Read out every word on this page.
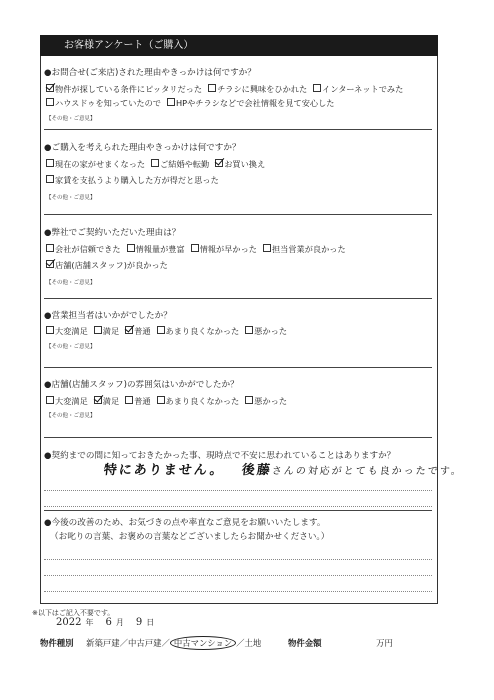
お客様アンケート（ご購入）
●お問合せ(ご来店)された理由やきっかけは何ですか？
物件が探している条件にピッタリだった チラシに興味をひかれた インターネットでみた
ハウスドゥを知っていたので HPやチラシなどで会社情報を見て安心した
【その他・ご意見】
●ご購入を考えられた理由やきっかけは何ですか？
現在の家がせまくなった ご結婚や転勤 お買い換え
家賃を支払うより購入した方が得だと思った
【その他・ご意見】
●弊社でご契約いただいた理由は？
会社が信頼できた 情報量が豊富 情報が早かった 担当営業が良かった
店舗(店舗スタッフ)が良かった
【その他・ご意見】
●営業担当者はいかがでしたか？
大変満足 満足 普通 あまり良くなかった 悪かった
【その他・ご意見】
●店舗(店舗スタッフ)の雰囲気はいかがでしたか？
大変満足 満足 普通 あまり良くなかった 悪かった
【その他・ご意見】
●契約までの間に知っておきたかった事、現時点で不安に思われていることはありますか？
特にありません。 後藤さんの対応がとても良かったです。
●今後の改善のため、お気づきの点や率直なご意見をお願いいたします。
（お叱りの言葉、お褒めの言葉などございましたらお聞かせください。）
※以下はご記入不要です。
2022 年 6 月 9 日
物件種別 新築戸建／中古戸建／ 中古マンション ／土地	物件金額	万円
